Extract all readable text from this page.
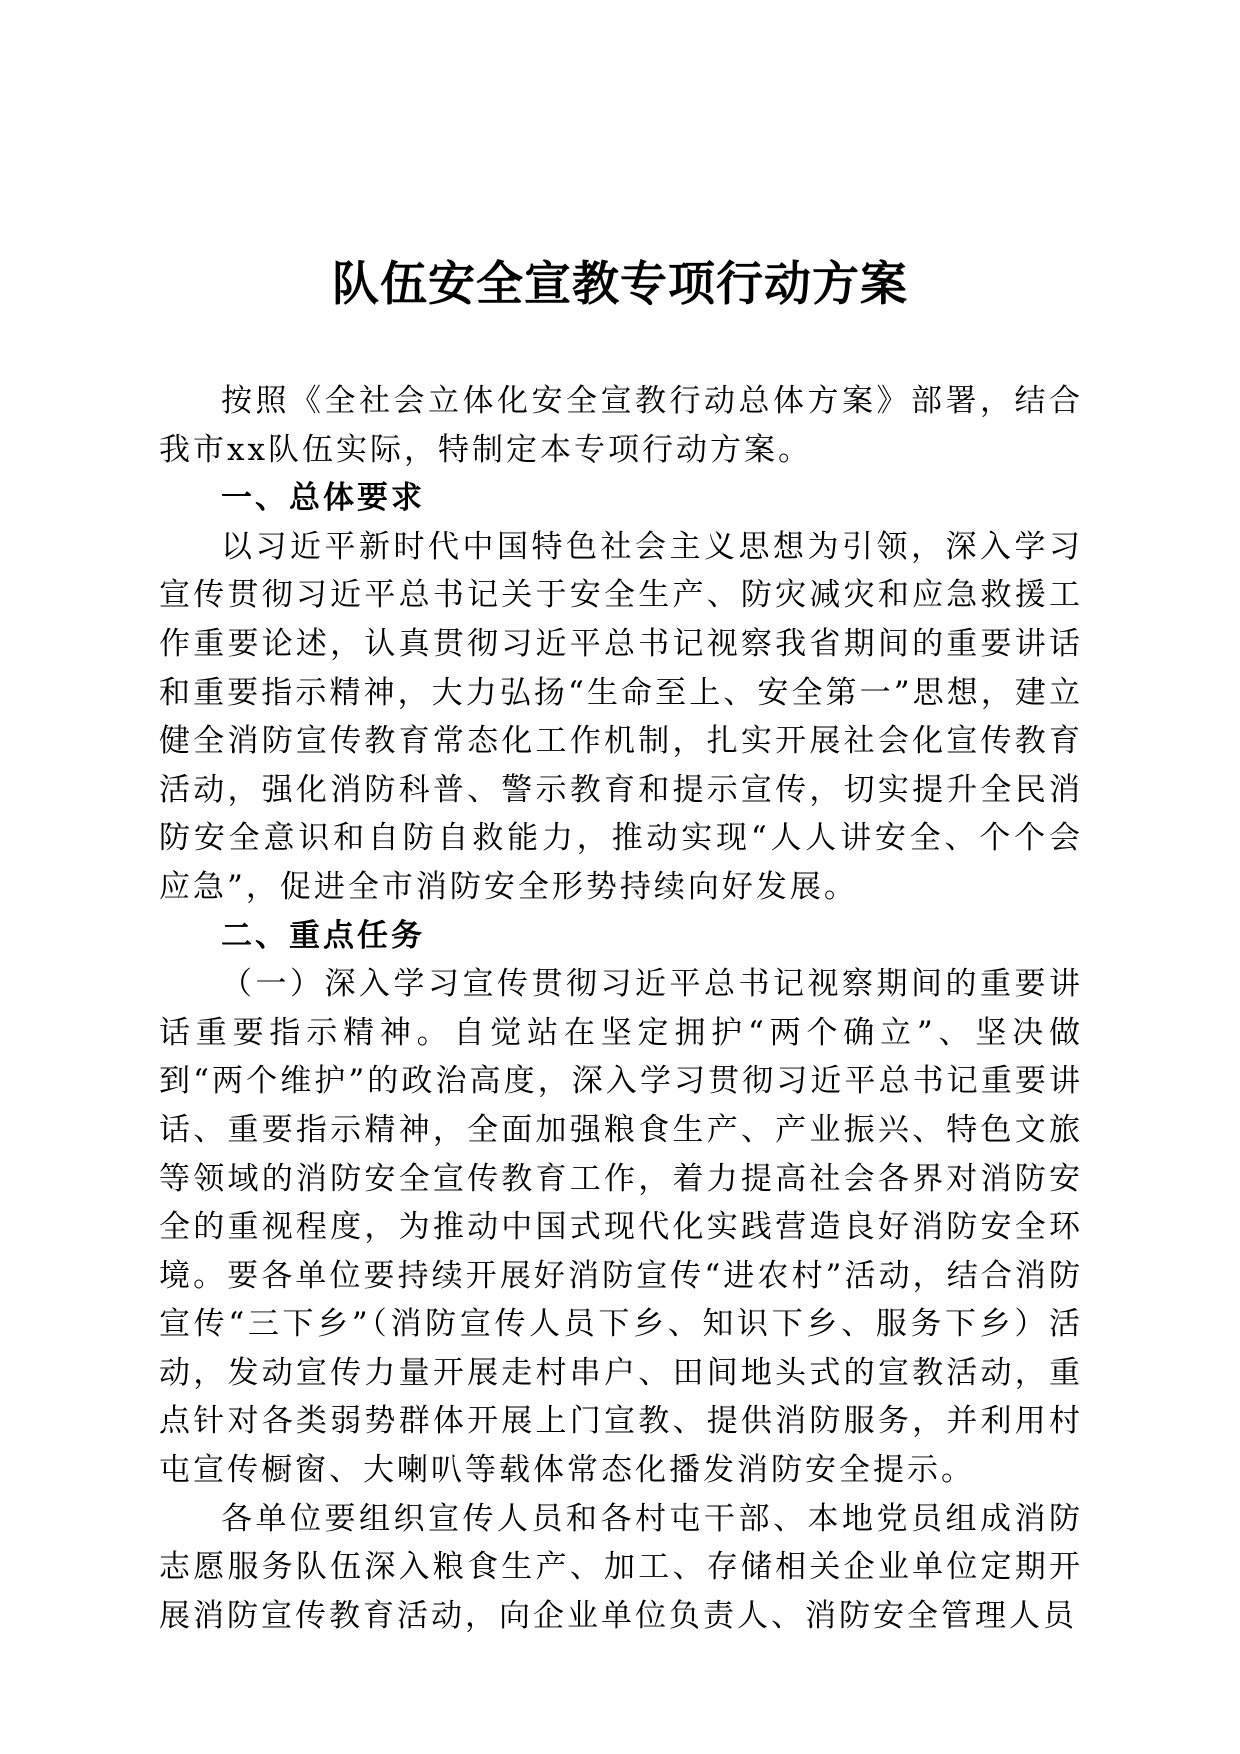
队伍安全宣教专项行动方案

按照《全社会立体化安全宣教行动总体方案》部署，结合我市xx队伍实际，特制定本专项行动方案。

一、总体要求

以习近平新时代中国特色社会主义思想为引领，深入学习宣传贯彻习近平总书记关于安全生产、防灾减灾和应急救援工作重要论述，认真贯彻习近平总书记视察我省期间的重要讲话和重要指示精神，大力弘扬“生命至上、安全第一”思想，建立健全消防宣传教育常态化工作机制，扎实开展社会化宣传教育活动，强化消防科普、警示教育和提示宣传，切实提升全民消防安全意识和自防自救能力，推动实现“人人讲安全、个个会应急”，促进全市消防安全形势持续向好发展。

二、重点任务

（一）深入学习宣传贯彻习近平总书记视察期间的重要讲话重要指示精神。自觉站在坚定拥护“两个确立”、坚决做到“两个维护”的政治高度，深入学习贯彻习近平总书记重要讲话、重要指示精神，全面加强粮食生产、产业振兴、特色文旅等领域的消防安全宣传教育工作，着力提高社会各界对消防安全的重视程度，为推动中国式现代化实践营造良好消防安全环境。要各单位要持续开展好消防宣传“进农村”活动，结合消防宣传“三下乡”（消防宣传人员下乡、知识下乡、服务下乡）活动，发动宣传力量开展走村串户、田间地头式的宣教活动，重点针对各类弱势群体开展上门宣教、提供消防服务，并利用村屯宣传橱窗、大喇叭等载体常态化播发消防安全提示。

各单位要组织宣传人员和各村屯干部、本地党员组成消防志愿服务队伍深入粮食生产、加工、存储相关企业单位定期开展消防宣传教育活动，向企业单位负责人、消防安全管理人员
